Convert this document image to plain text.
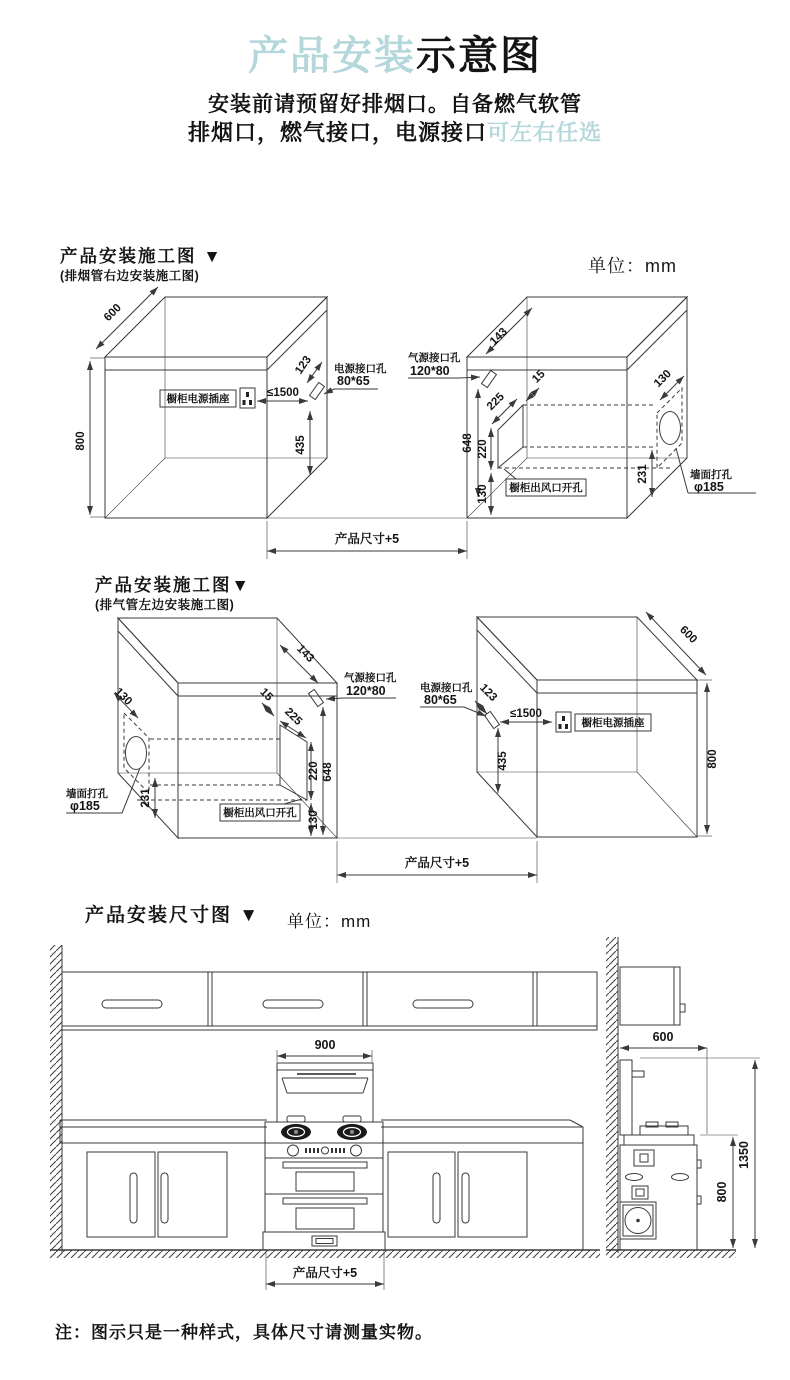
产品安装示意图
安装前请预留好排烟口。自备燃气软管
排烟口，燃气接口，电源接口可左右任选
产品安装施工图 ▼
(排烟管右边安装施工图)
单位：mm
600
800
橱柜电源插座	≤1500
123 电源接口孔
80*65
435
143
气源接口孔
120*80	15
225
648 220
130
130
231	墙面打孔
φ185
橱柜出风口开孔
产品尺寸+5
产品安装施工图▼
(排气管左边安装施工图)
130
143
气源接口孔
120*80
15
225
648
220
130
231
墙面打孔
φ185	橱柜出风口开孔
600
800
123
电源接口孔
80*65
≤1500
橱柜电源插座
435
产品尺寸+5
产品安装尺寸图 ▼ 单位：mm
900
产品尺寸+5
600
1350
800
注：图示只是一种样式，具体尺寸请测量实物。
